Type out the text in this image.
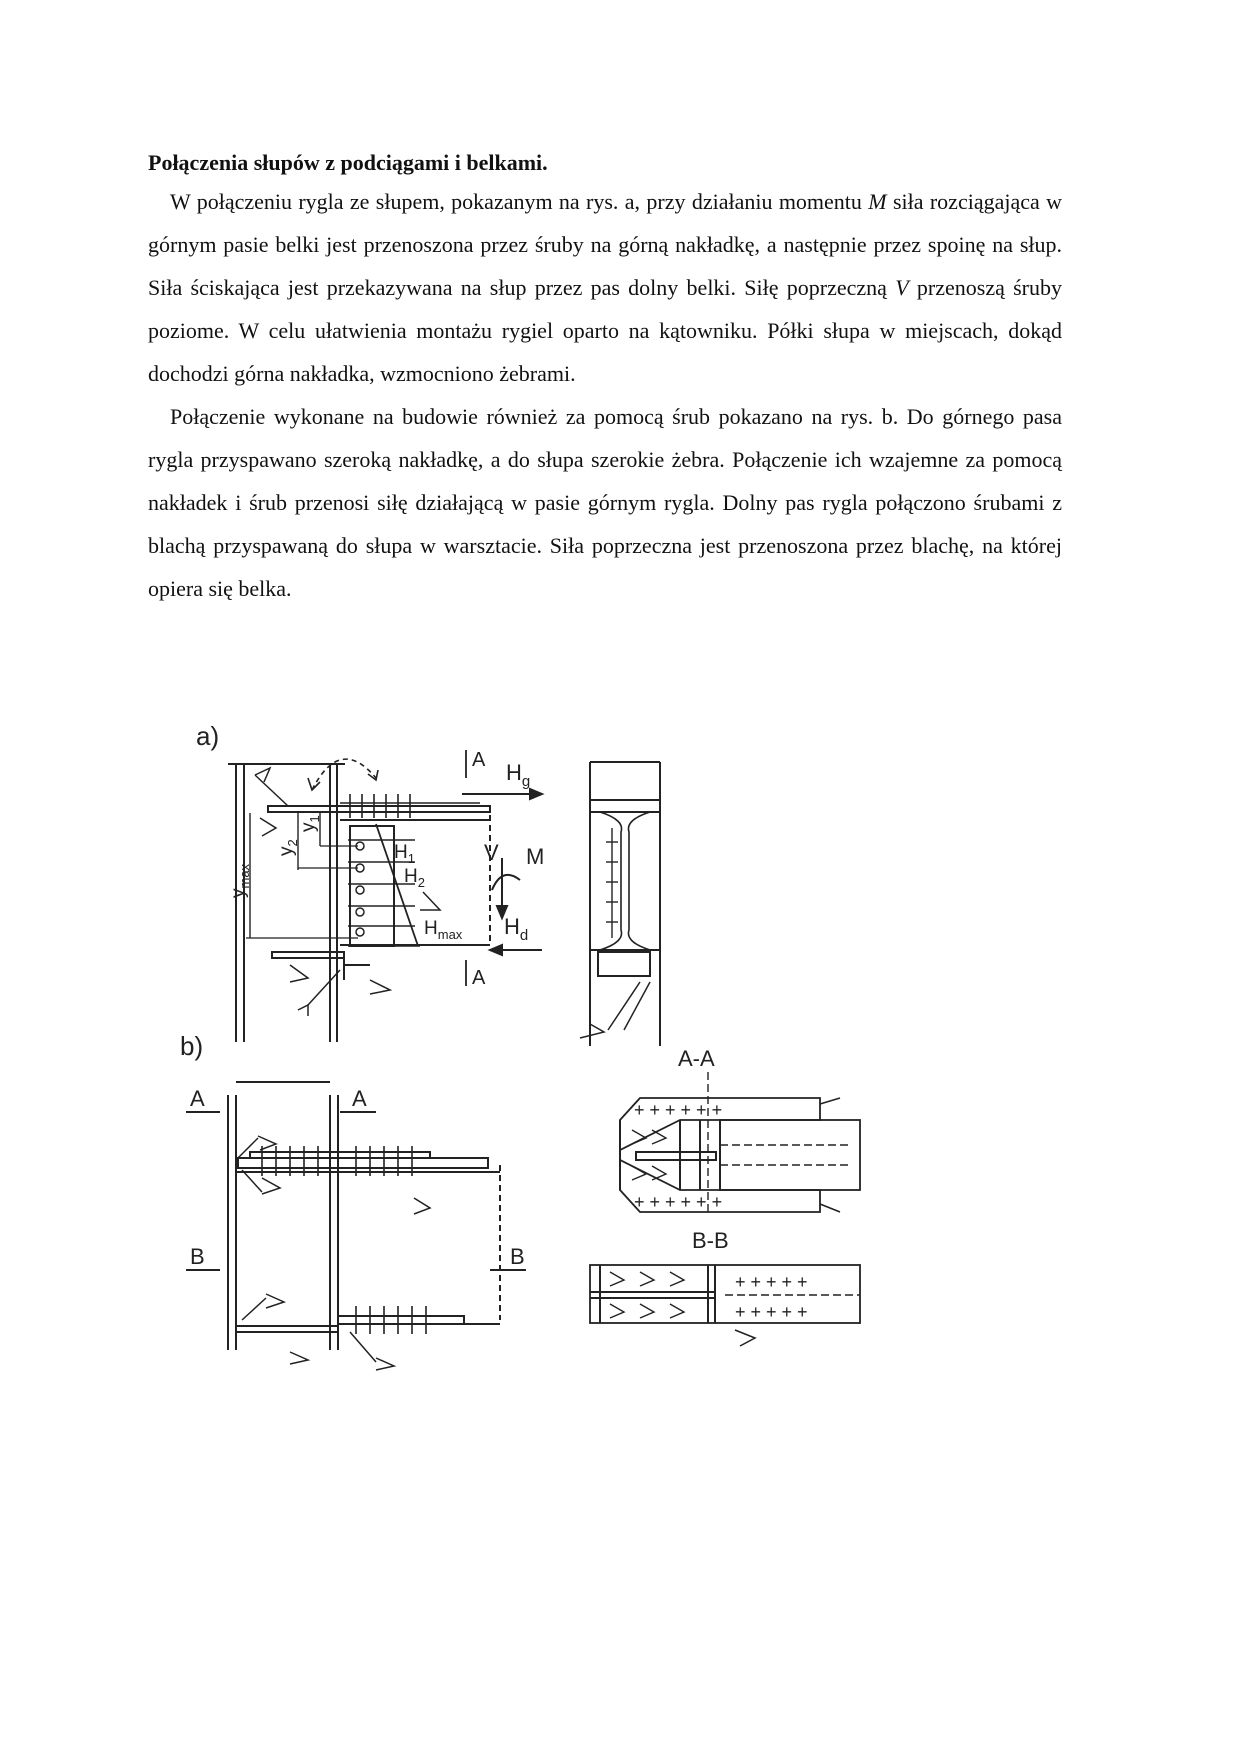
Połączenia słupów z podciągami i belkami.

W połączeniu rygla ze słupem, pokazanym na rys. a, przy działaniu momentu M siła rozciągająca w górnym pasie belki jest przenoszona przez śruby na górną nakładkę, a następnie przez spoinę na słup. Siła ściskająca jest przekazywana na słup przez pas dolny belki. Siłę poprzeczną V przenoszą śruby poziome. W celu ułatwienia montażu rygiel oparto na kątowniku. Półki słupa w miejscach, dokąd dochodzi górna nakładka, wzmocniono żebrami.

Połączenie wykonane na budowie również za pomocą śrub pokazano na rys. b. Do górnego pasa rygla przyspawano szeroką nakładkę, a do słupa szerokie żebra. Połączenie ich wzajemne za pomocą nakładek i śrub przenosi siłę działającą w pasie górnym rygla. Dolny pas rygla połączono śrubami z blachą przyspawaną do słupa w warsztacie. Siła poprzeczna jest przenoszona przez blachę, na której opiera się belka.

a)
$H_g$
A
$H_d$
A
V M
$H_1$
$H_2$
$H_{max}$
$y_{max}$
$y_2$
$y_1$
b)
A	A
B	B
A-A
+ + + + + +
+ + + + + +
B-B
+ + + + +
+ + + + +
